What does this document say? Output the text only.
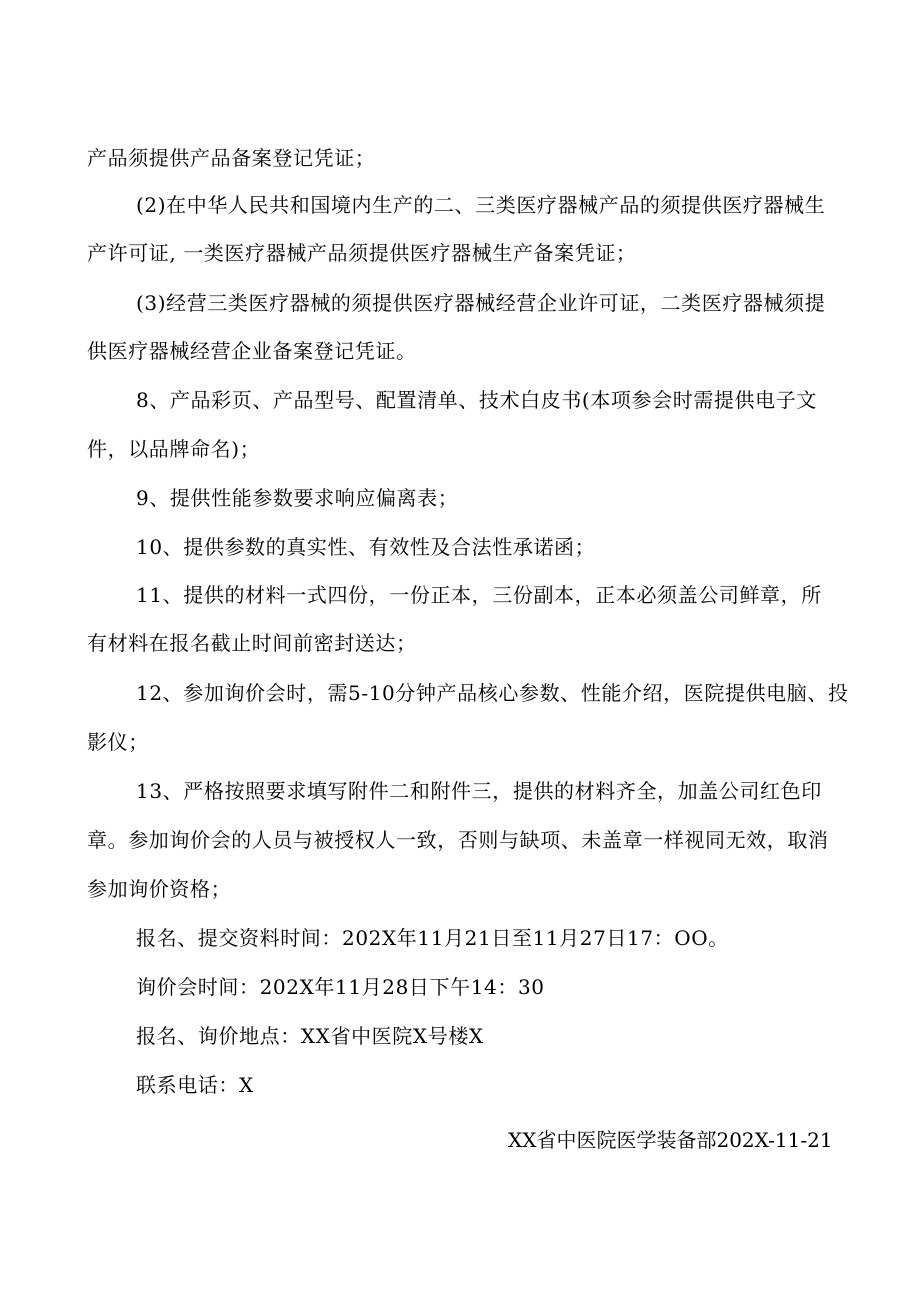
产品须提供产品备案登记凭证；
(2)在中华人民共和国境内生产的二、三类医疗器械产品的须提供医疗器械生
产许可证, 一类医疗器械产品须提供医疗器械生产备案凭证；
(3)经营三类医疗器械的须提供医疗器械经营企业许可证，二类医疗器械须提
供医疗器械经营企业备案登记凭证。
8、产品彩页、产品型号、配置清单、技术白皮书(本项参会时需提供电子文
件，以品牌命名)；
9、提供性能参数要求响应偏离表；
10、提供参数的真实性、有效性及合法性承诺函；
11、提供的材料一式四份，一份正本，三份副本，正本必须盖公司鲜章，所
有材料在报名截止时间前密封送达；
12、参加询价会时，需5-10分钟产品核心参数、性能介绍，医院提供电脑、投
影仪；
13、严格按照要求填写附件二和附件三，提供的材料齐全，加盖公司红色印
章。参加询价会的人员与被授权人一致，否则与缺项、未盖章一样视同无效，取消
参加询价资格；
报名、提交资料时间：202X年11月21日至11月27日17：OO。
询价会时间：202X年11月28日下午14：30
报名、询价地点：XX省中医院X号楼X
联系电话：X
XX省中医院医学装备部202X-11-21
